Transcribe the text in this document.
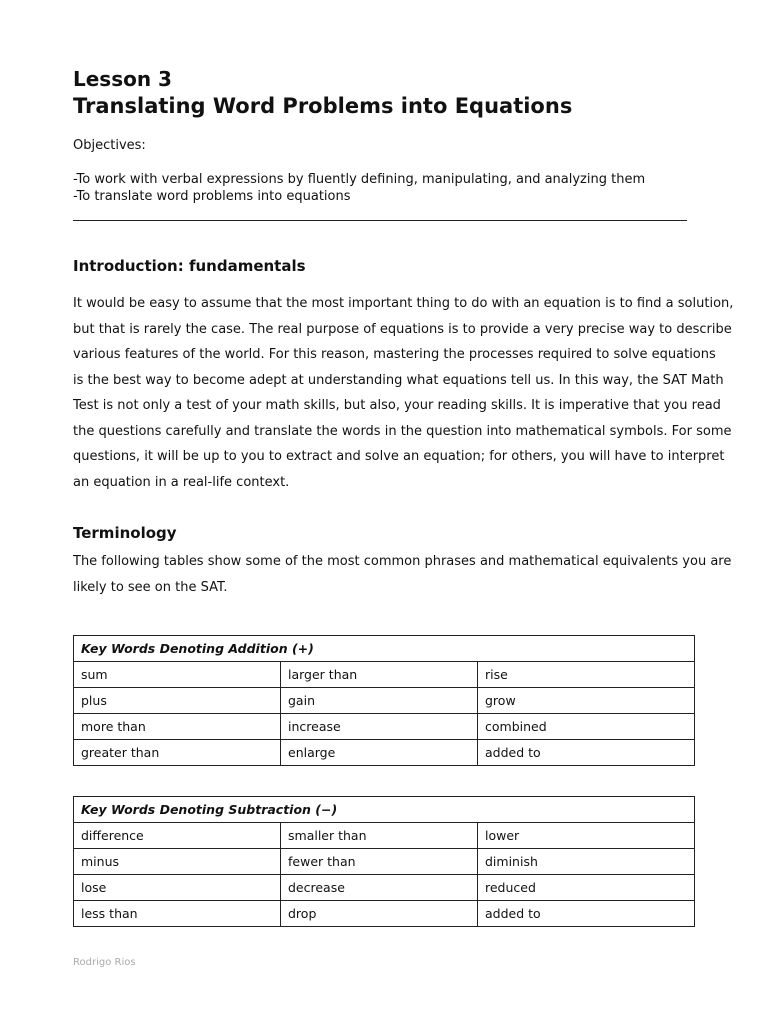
Lesson 3
Translating Word Problems into Equations
Objectives:
-To work with verbal expressions by fluently defining, manipulating, and analyzing them
-To translate word problems into equations
Introduction: fundamentals

It would be easy to assume that the most important thing to do with an equation is to find a solution,
but that is rarely the case. The real purpose of equations is to provide a very precise way to describe
various features of the world. For this reason, mastering the processes required to solve equations
is the best way to become adept at understanding what equations tell us. In this way, the SAT Math
Test is not only a test of your math skills, but also, your reading skills. It is imperative that you read
the questions carefully and translate the words in the question into mathematical symbols. For some
questions, it will be up to you to extract and solve an equation; for others, you will have to interpret
an equation in a real-life context.

Terminology

The following tables show some of the most common phrases and mathematical equivalents you are
likely to see on the SAT.

Key Words Denoting Addition (+)		
sum	larger than	rise
plus	gain	grow
more than	increase	combined
greater than	enlarge	added to
Key Words Denoting Subtraction (−)		
difference	smaller than	lower
minus	fewer than	diminish
lose	decrease	reduced
less than	drop	added to
Rodrigo Rios
